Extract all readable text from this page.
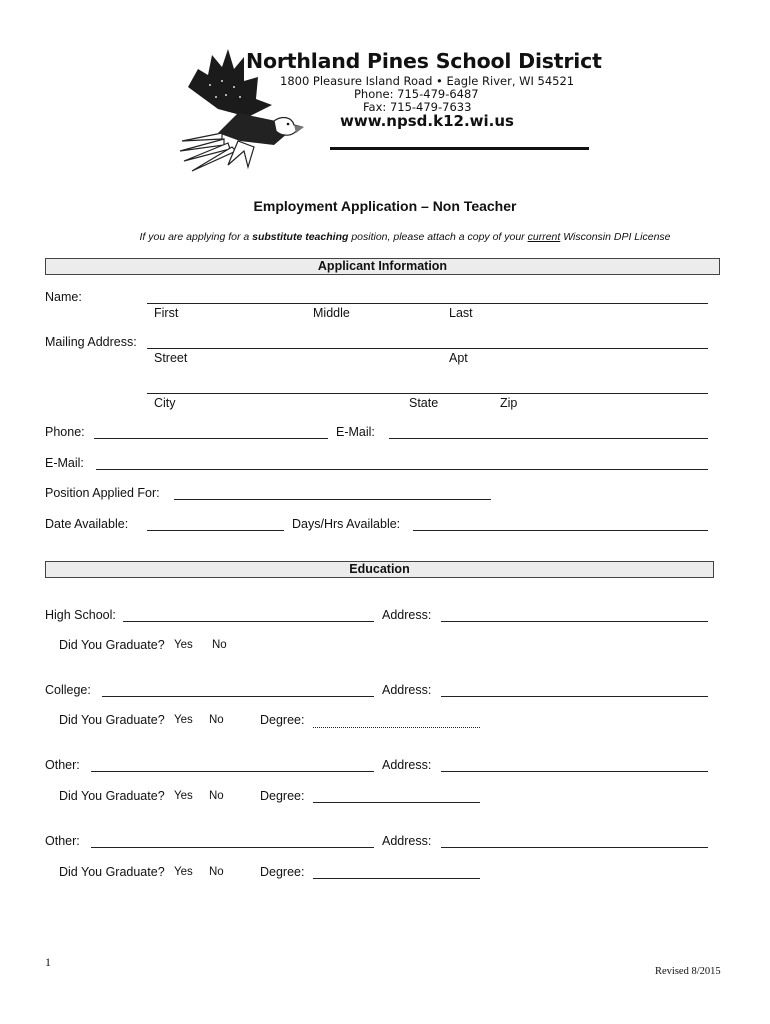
Northland Pines School District
1800 Pleasure Island Road • Eagle River, WI 54521
Phone: 715-479-6487
Fax: 715-479-7633
www.npsd.k12.wi.us
Employment Application – Non Teacher
If you are applying for a substitute teaching position, please attach a copy of your current Wisconsin DPI License
Applicant Information
Name:
First	Middle	Last
Mailing Address:
Street	Apt
City	State	Zip
Phone:	E-Mail:
E-Mail:
Position Applied For:
Date Available:	Days/Hrs Available:
Education
High School:	Address:
Did You Graduate? Yes No
College:	Address:
Did You Graduate? Yes No	Degree:
Other:	Address:
Did You Graduate? Yes No	Degree:
Other:	Address:
Did You Graduate? Yes No	Degree:
1
Revised 8/2015
